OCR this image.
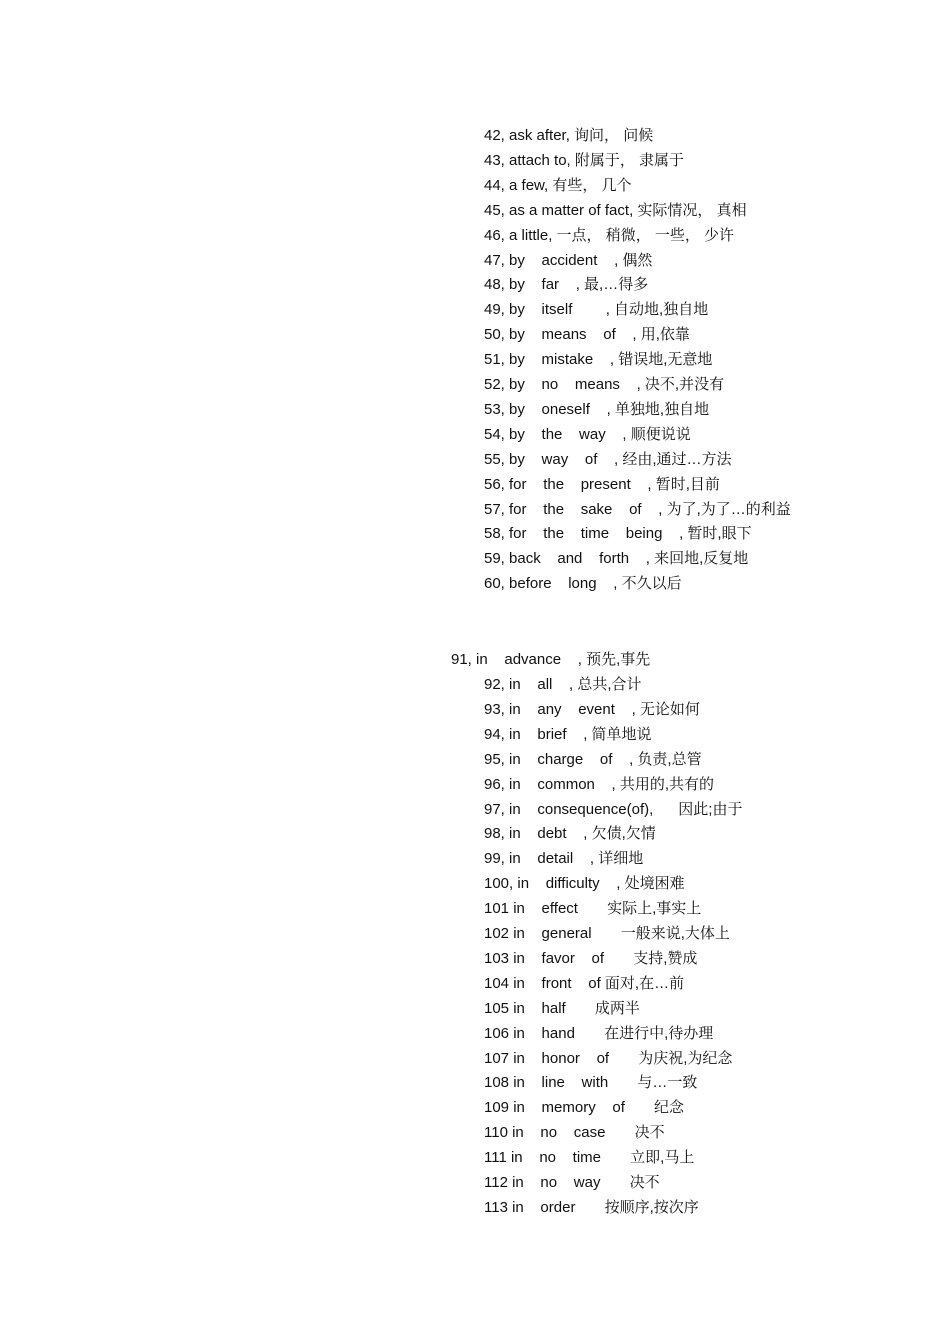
42, ask after, 询问， 问候
43, attach to, 附属于， 隶属于
44, a few, 有些， 几个
45, as a matter of fact, 实际情况， 真相
46, a little, 一点， 稍微， 一些， 少许
47, by    accident    , 偶然
48, by    far    , 最,…得多
49, by    itself        , 自动地,独自地
50, by    means    of    , 用,依靠
51, by    mistake    , 错误地,无意地
52, by    no    means    , 决不,并没有
53, by    oneself    , 单独地,独自地
54, by    the    way    , 顺便说说
55, by    way    of    , 经由,通过…方法
56, for    the    present    , 暂时,目前
57, for    the    sake    of    , 为了,为了…的利益
58, for    the    time    being    , 暂时,眼下
59, back    and    forth    , 来回地,反复地
60, before    long    , 不久以后
91, in    advance    , 预先,事先
92, in    all    , 总共,合计
93, in    any    event    , 无论如何
94, in    brief    , 简单地说
95, in    charge    of    , 负责,总管
96, in    common    , 共用的,共有的
97, in    consequence(of),      因此;由于
98, in    debt    , 欠债,欠情
99, in    detail    , 详细地
100, in    difficulty    , 处境困难
101 in    effect       实际上,事实上
102 in    general       一般来说,大体上
103 in    favor    of       支持,赞成
104 in    front    of 面对,在…前
105 in    half       成两半
106 in    hand       在进行中,待办理
107 in    honor    of       为庆祝,为纪念
108 in    line    with       与…一致
109 in    memory    of       纪念
110 in    no    case       决不
111 in    no    time       立即,马上
112 in    no    way       决不
113 in    order       按顺序,按次序
